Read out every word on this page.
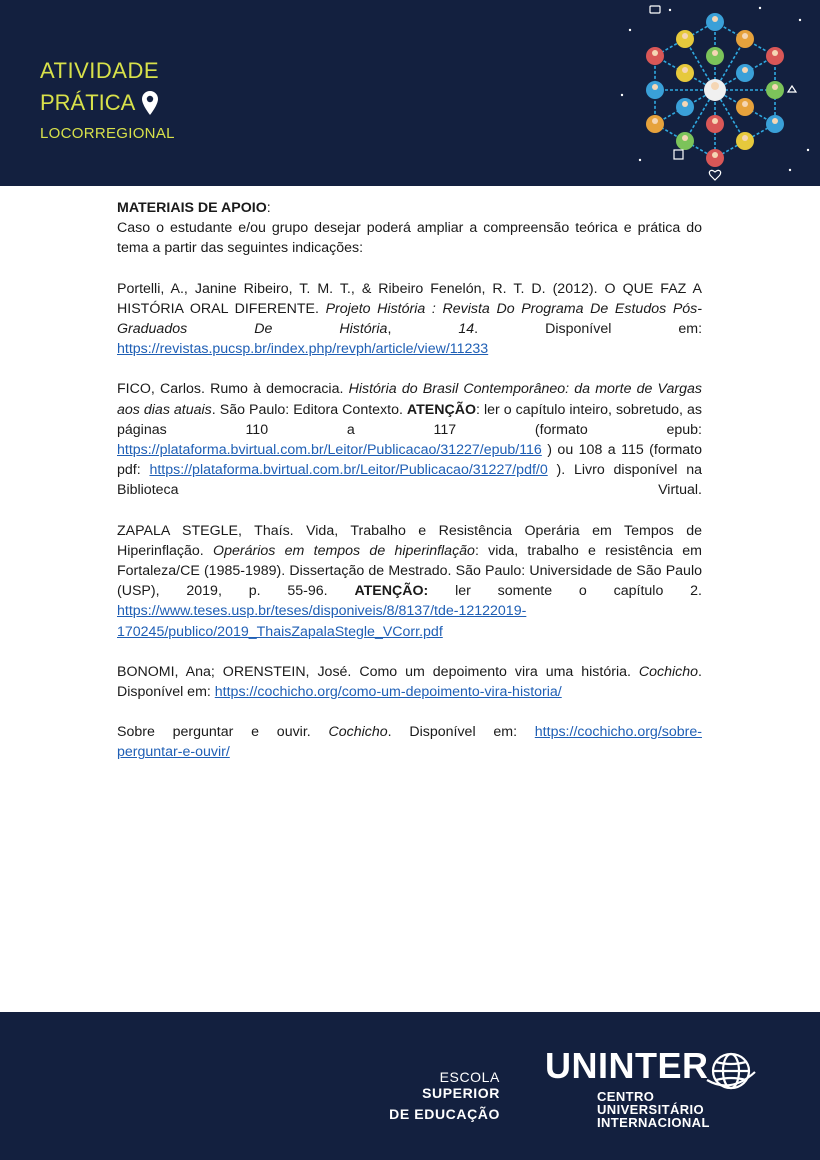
ATIVIDADE
PRÁTICA
LOCORREGIONAL

MATERIAIS DE APOIO:

Caso o estudante e/ou grupo desejar poderá ampliar a compreensão teórica e prática do tema a partir das seguintes indicações:

Portelli, A., Janine Ribeiro, T. M. T., & Ribeiro Fenelón, R. T. D. (2012). O QUE FAZ A HISTÓRIA ORAL DIFERENTE. Projeto História : Revista Do Programa De Estudos Pós-Graduados De História, 14. Disponível em:

https://revistas.pucsp.br/index.php/revph/article/view/11233

FICO, Carlos. Rumo à democracia. História do Brasil Contemporâneo: da morte de Vargas aos dias atuais. São Paulo: Editora Contexto. ATENÇÃO: ler o capítulo inteiro, sobretudo, as páginas 110 a 117 (formato epub:

https://plataforma.bvirtual.com.br/Leitor/Publicacao/31227/epub/116 ) ou 108 a 115 (formato pdf: https://plataforma.bvirtual.com.br/Leitor/Publicacao/31227/pdf/0 ). Livro disponível na Biblioteca Virtual.

ZAPALA STEGLE, Thaís. Vida, Trabalho e Resistência Operária em Tempos de Hiperinflação. Operários em tempos de hiperinflação: vida, trabalho e resistência em Fortaleza/CE (1985-1989). Dissertação de Mestrado. São Paulo: Universidade de São Paulo (USP), 2019, p. 55-96. ATENÇÃO: ler somente o capítulo 2.

https://www.teses.usp.br/teses/disponiveis/8/8137/tde-12122019-

170245/publico/2019_ThaisZapalaStegle_VCorr.pdf

BONOMI, Ana; ORENSTEIN, José. Como um depoimento vira uma história. Cochicho.

Disponível em: https://cochicho.org/como-um-depoimento-vira-historia/

Sobre perguntar e ouvir. Cochicho. Disponível em: https://cochicho.org/sobre-

perguntar-e-ouvir/

ESCOLA SUPERIOR
DE EDUCAÇÃO
UNINTER
CENTRO
UNIVERSITÁRIO
INTERNACIONAL
